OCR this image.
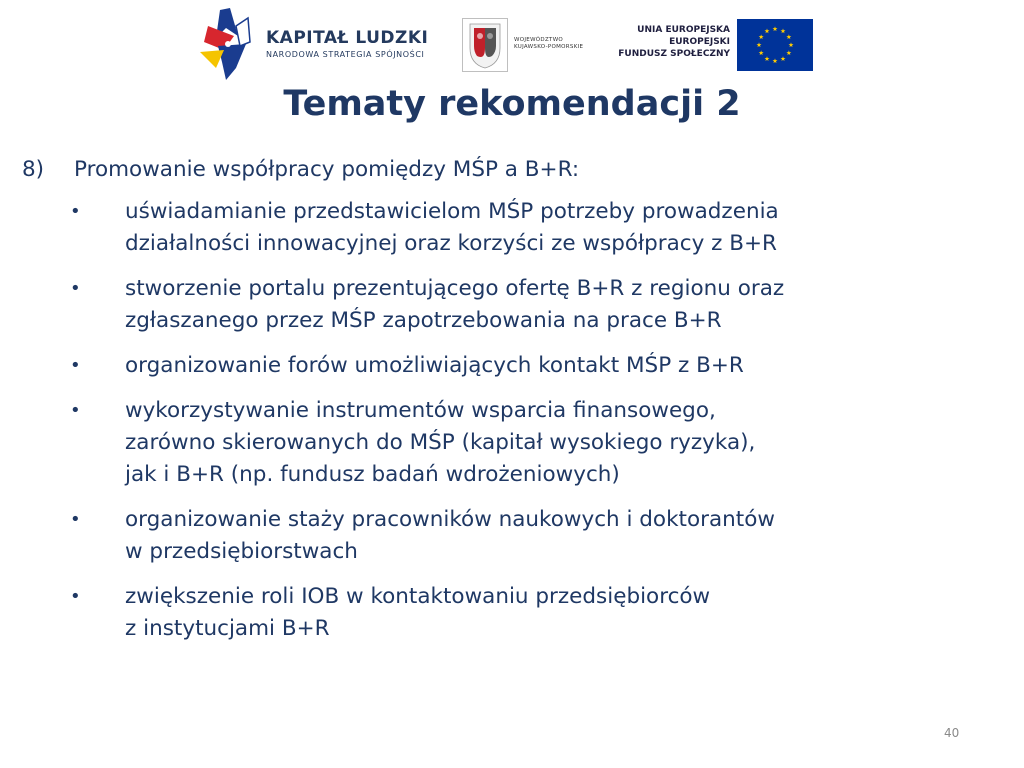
KAPITAŁ LUDZKI
NARODOWA STRATEGIA SPÓJNOŚCI
WOJEWÓDZTWO
KUJAWSKO-POMORSKIE
UNIA EUROPEJSKA
EUROPEJSKI
FUNDUSZ SPOŁECZNY
Tematy rekomendacji 2
8)	Promowanie współpracy pomiędzy MŚP a B+R:
• uświadamianie przedstawicielom MŚP potrzeby prowadzenia
działalności innowacyjnej oraz korzyści ze współpracy z B+R
• stworzenie portalu prezentującego ofertę B+R z regionu oraz
zgłaszanego przez MŚP zapotrzebowania na prace B+R
• organizowanie forów umożliwiających kontakt MŚP z B+R
• wykorzystywanie instrumentów wsparcia finansowego,
zarówno skierowanych do MŚP (kapitał wysokiego ryzyka),
jak i B+R (np. fundusz badań wdrożeniowych)
• organizowanie staży pracowników naukowych i doktorantów
w przedsiębiorstwach
• zwiększenie roli IOB w kontaktowaniu przedsiębiorców
z instytucjami B+R
40
